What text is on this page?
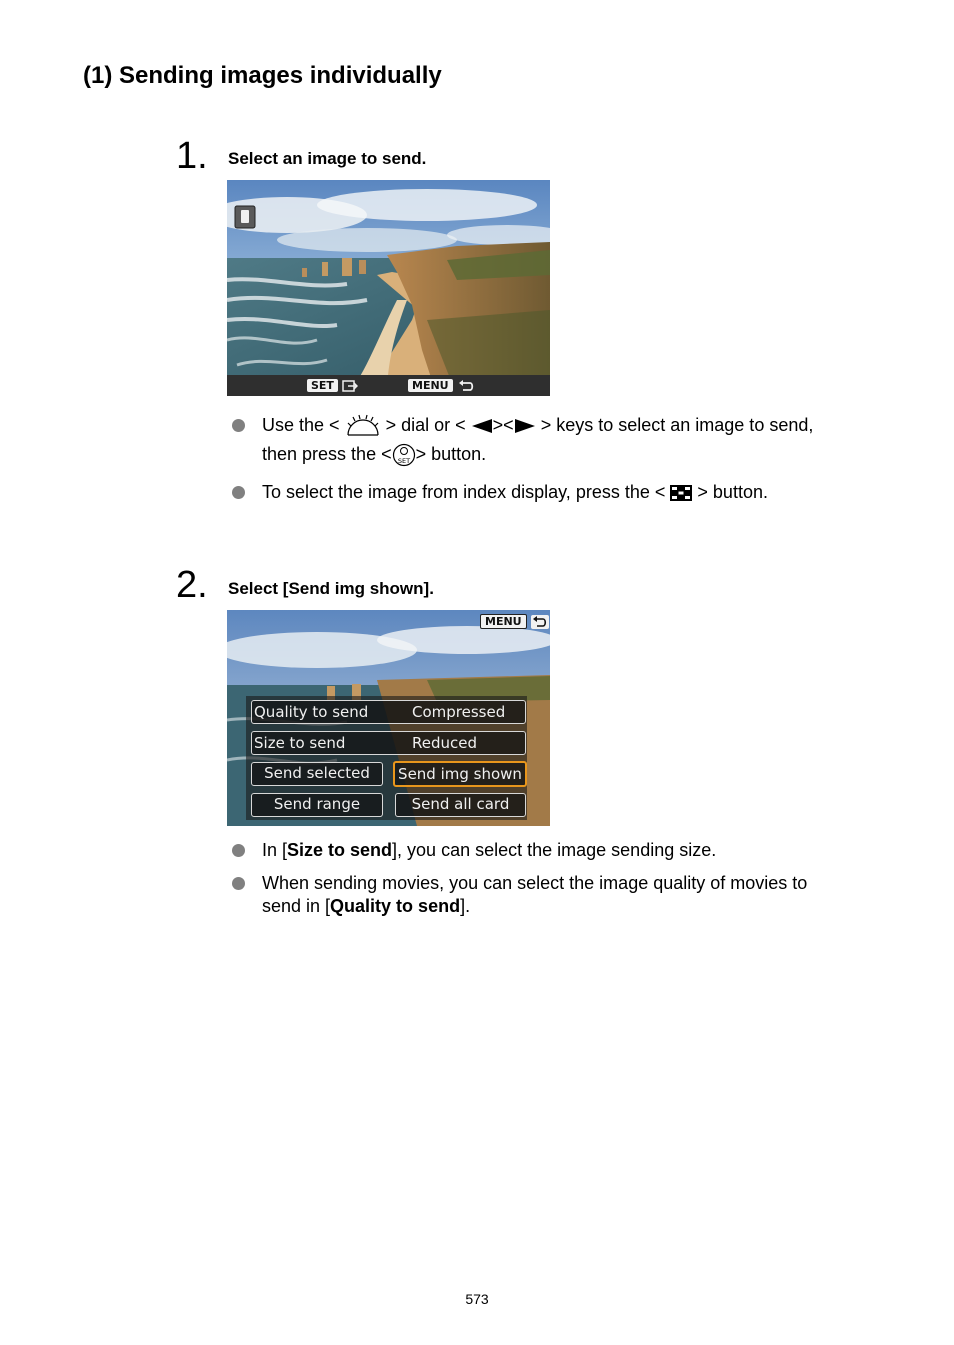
(1) Sending images individually
1. Select an image to send.
SET	MENU
Use the <	> dial or < >< > keys to select an image to send,
then press the < SET > button.
To select the image from index display, press the < > button.
2. Select [Send img shown].
MENU
Quality to send	Compressed
Size to send	Reduced
Send selected	Send img shown
Send range	Send all card
In [Size to send], you can select the image sending size.
When sending movies, you can select the image quality of movies to
send in [Quality to send].
573
